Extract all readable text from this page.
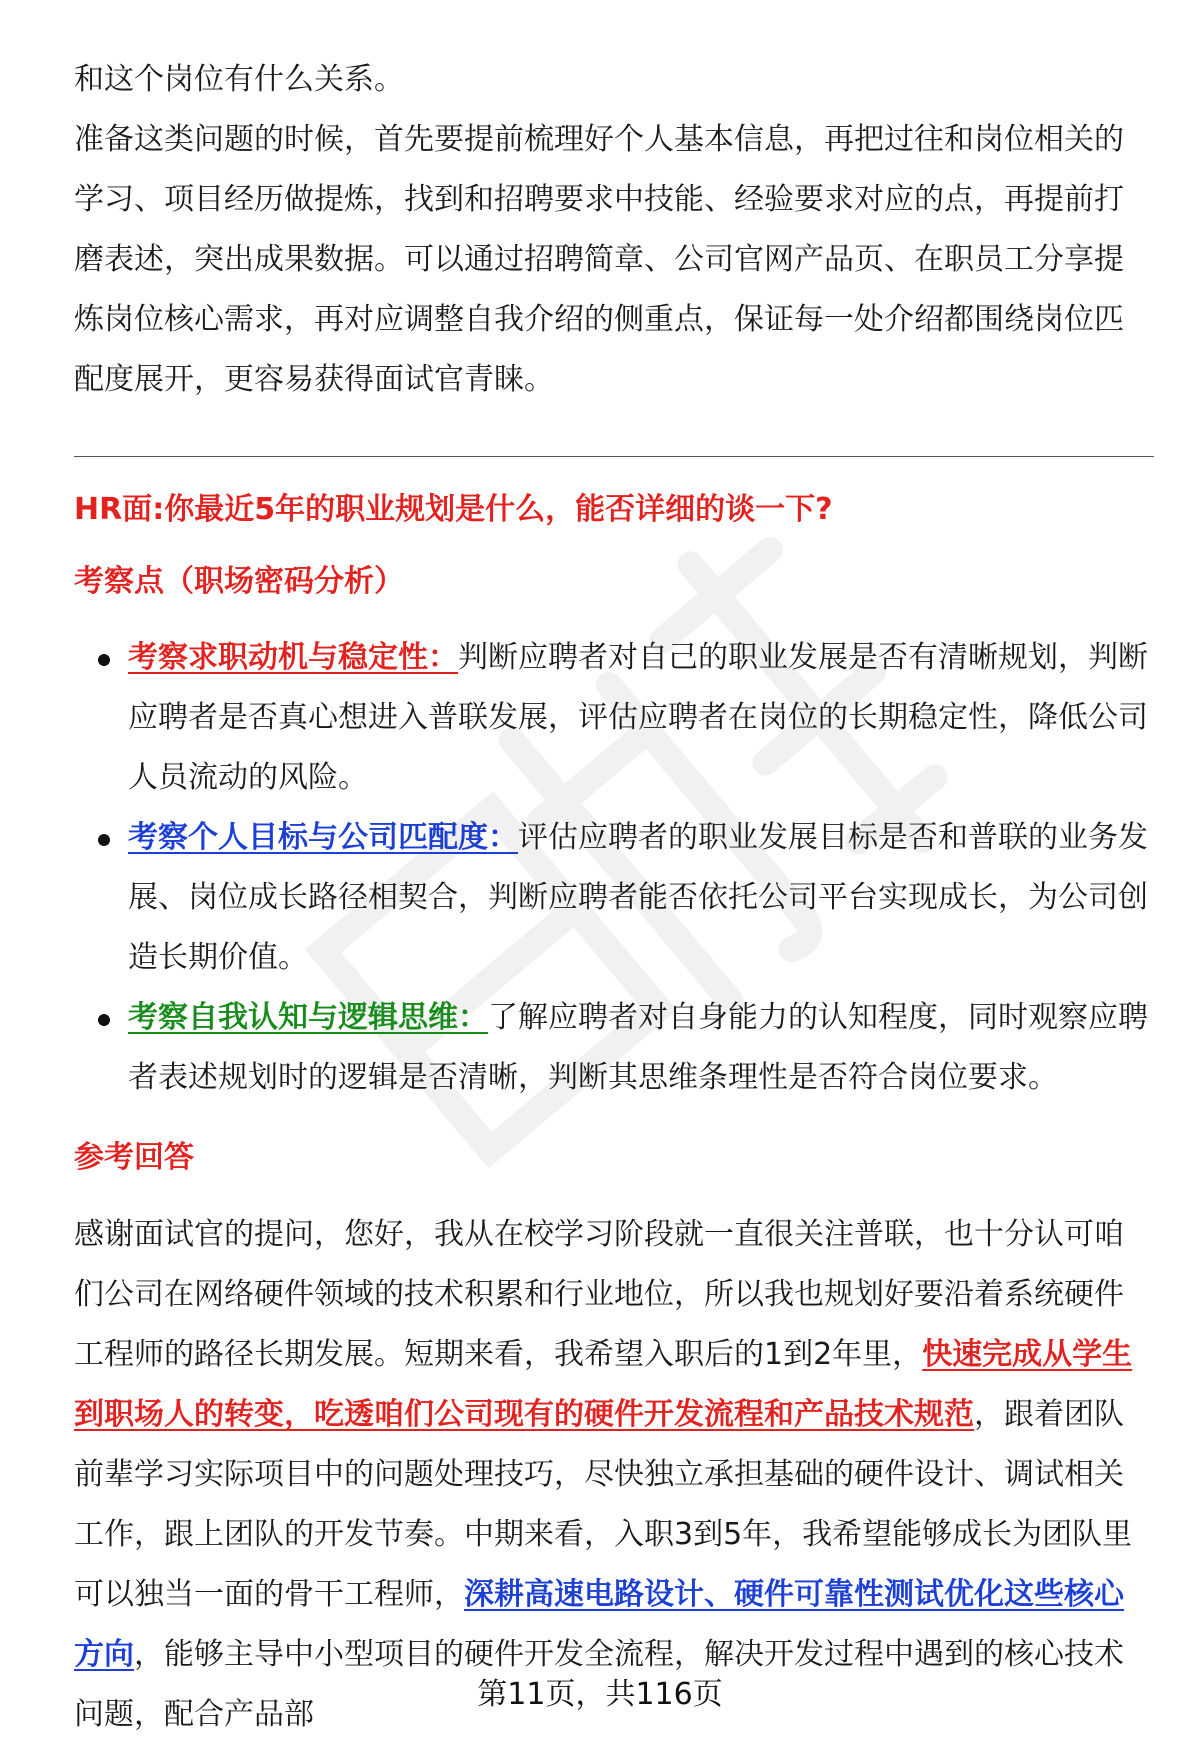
和这个岗位有什么关系。
准备这类问题的时候，首先要提前梳理好个人基本信息，再把过往和岗位相关的学习、项目经历做提炼，找到和招聘要求中技能、经验要求对应的点，再提前打磨表述，突出成果数据。可以通过招聘简章、公司官网产品页、在职员工分享提炼岗位核心需求，再对应调整自我介绍的侧重点，保证每一处介绍都围绕岗位匹配度展开，更容易获得面试官青睐。
HR面:你最近5年的职业规划是什么，能否详细的谈一下?
考察点（职场密码分析）
考察求职动机与稳定性：判断应聘者对自己的职业发展是否有清晰规划，判断应聘者是否真心想进入普联发展，评估应聘者在岗位的长期稳定性，降低公司人员流动的风险。
考察个人目标与公司匹配度：评估应聘者的职业发展目标是否和普联的业务发展、岗位成长路径相契合，判断应聘者能否依托公司平台实现成长，为公司创造长期价值。
考察自我认知与逻辑思维：了解应聘者对自身能力的认知程度，同时观察应聘者表述规划时的逻辑是否清晰，判断其思维条理性是否符合岗位要求。
参考回答
感谢面试官的提问，您好，我从在校学习阶段就一直很关注普联，也十分认可咱们公司在网络硬件领域的技术积累和行业地位，所以我也规划好要沿着系统硬件工程师的路径长期发展。短期来看，我希望入职后的1到2年里，快速完成从学生到职场人的转变，吃透咱们公司现有的硬件开发流程和产品技术规范，跟着团队前辈学习实际项目中的问题处理技巧，尽快独立承担基础的硬件设计、调试相关工作，跟上团队的开发节奏。中期来看，入职3到5年，我希望能够成长为团队里可以独当一面的骨干工程师，深耕高速电路设计、硬件可靠性测试优化这些核心方向，能够主导中小型项目的硬件开发全流程，解决开发过程中遇到的核心技术问题，配合产品部
第11页，共116页
